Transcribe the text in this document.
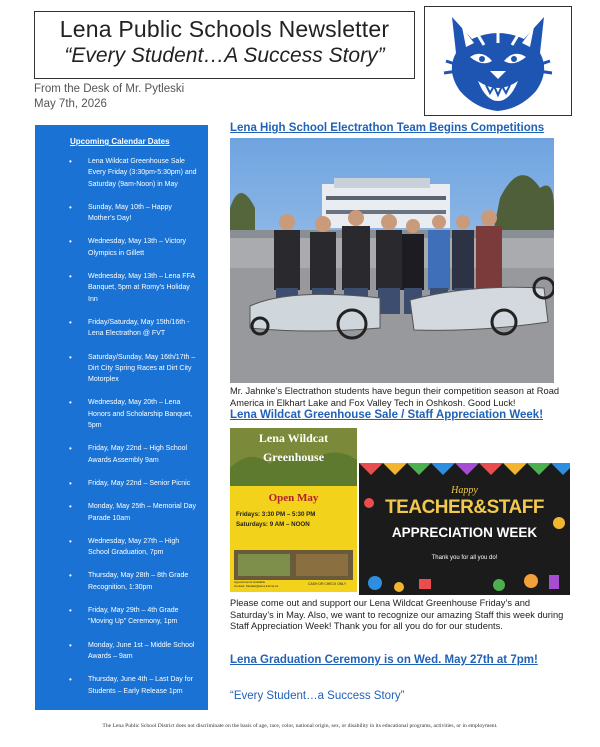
Lena Public Schools Newsletter
“Every Student…A Success Story”
From the Desk of Mr. Pytleski
May 7th, 2026
Upcoming Calendar Dates
• Lena Wildcat Greenhouse Sale Every Friday (3:30pm-5:30pm) and Saturday (9am-Noon) in May
• Sunday, May 10th – Happy Mother’s Day!
• Wednesday, May 13th – Victory Olympics in Gillett
• Wednesday, May 13th – Lena FFA Banquet, 5pm at Romy’s Holiday Inn
• Friday/Saturday, May 15th/16th - Lena Electrathon @ FVT
• Saturday/Sunday, May 16th/17th – Dirt City Spring Races at Dirt City Motorplex
• Wednesday, May 20th – Lena Honors and Scholarship Banquet, 5pm
• Friday, May 22nd – High School Awards Assembly 9am
• Friday, May 22nd – Senior Picnic
• Monday, May 25th – Memorial Day Parade 10am
• Wednesday, May 27th – High School Graduation, 7pm
• Thursday, May 28th – 8th Grade Recognition, 1:30pm
• Friday, May 29th – 4th Grade “Moving Up” Ceremony, 1pm
• Monday, June 1st – Middle School Awards – 9am
• Thursday, June 4th – Last Day for Students – Early Release 1pm
Lena High School Electrathon Team Begins Competitions
Mr. Jahnke’s Electrathon students have begun their competition season at Road America in Elkhart Lake and Fox Valley Tech in Oshkosh. Good Luck!
Lena Wildcat Greenhouse Sale / Staff Appreciation Week!
Lena Wildcat
Greenhouse
Open May
Fridays: 3:30 PM – 5:30 PM
Saturdays: 9 AM – NOON
Appointments Available
Contact: MediaA@lena.k12.wi.us	CASH OR CHECK ONLY
Happy
TEACHER&STAFF
APPRECIATION WEEK
Thank you for all you do!
Please come out and support our Lena Wildcat Greenhouse Friday’s and Saturday’s in May. Also, we want to recognize our amazing Staff this week during Staff Appreciation Week! Thank you for all you do for our students.
Lena Graduation Ceremony is on Wed. May 27th at 7pm!
“Every Student…a Success Story”
The Lena Public School District does not discriminate on the basis of age, race, color, national origin, sex, or disability in its educational programs, activities, or in employment.
